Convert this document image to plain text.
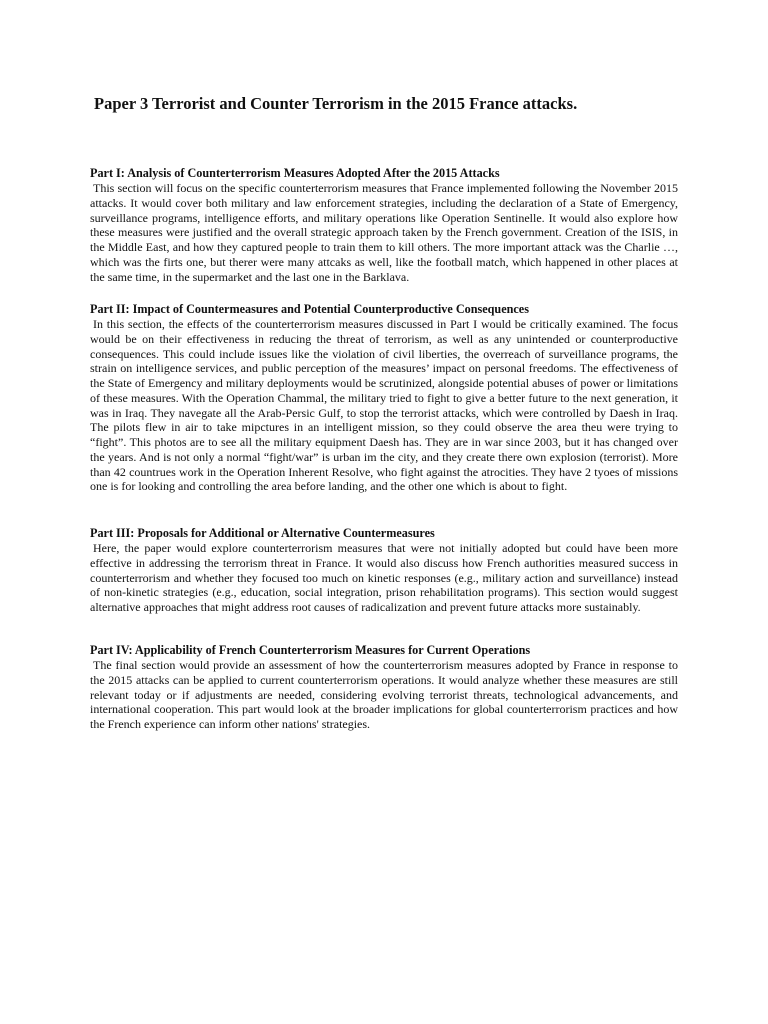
Paper 3 Terrorist and Counter Terrorism in the 2015 France attacks.
Part I: Analysis of Counterterrorism Measures Adopted After the 2015 Attacks

This section will focus on the specific counterterrorism measures that France implemented following the November 2015 attacks. It would cover both military and law enforcement strategies, including the declaration of a State of Emergency, surveillance programs, intelligence efforts, and military operations like Operation Sentinelle. It would also explore how these measures were justified and the overall strategic approach taken by the French government. Creation of the ISIS, in the Middle East, and how they captured people to train them to kill others. The more important attack was the Charlie …, which was the firts one, but therer were many attcaks as well, like the football match, which happened in other places at the same time, in the supermarket and the last one in the Barklava.

Part II: Impact of Countermeasures and Potential Counterproductive Consequences

In this section, the effects of the counterterrorism measures discussed in Part I would be critically examined. The focus would be on their effectiveness in reducing the threat of terrorism, as well as any unintended or counterproductive consequences. This could include issues like the violation of civil liberties, the overreach of surveillance programs, the strain on intelligence services, and public perception of the measures’ impact on personal freedoms. The effectiveness of the State of Emergency and military deployments would be scrutinized, alongside potential abuses of power or limitations of these measures. With the Operation Chammal, the military tried to fight to give a better future to the next generation, it was in Iraq. They navegate all the Arab-Persic Gulf, to stop the terrorist attacks, which were controlled by Daesh in Iraq. The pilots flew in air to take mipctures in an intelligent mission, so they could observe the area theu were trying to “fight”. This photos are to see all the military equipment Daesh has. They are in war since 2003, but it has changed over the years. And is not only a normal “fight/war” is urban im the city, and they create there own explosion (terrorist). More than 42 countrues work in the Operation Inherent Resolve, who fight against the atrocities. They have 2 tyoes of missions one is for looking and controlling the area before landing, and the other one which is about to fight.

Part III: Proposals for Additional or Alternative Countermeasures

Here, the paper would explore counterterrorism measures that were not initially adopted but could have been more effective in addressing the terrorism threat in France. It would also discuss how French authorities measured success in counterterrorism and whether they focused too much on kinetic responses (e.g., military action and surveillance) instead of non-kinetic strategies (e.g., education, social integration, prison rehabilitation programs). This section would suggest alternative approaches that might address root causes of radicalization and prevent future attacks more sustainably.

Part IV: Applicability of French Counterterrorism Measures for Current Operations

The final section would provide an assessment of how the counterterrorism measures adopted by France in response to the 2015 attacks can be applied to current counterterrorism operations. It would analyze whether these measures are still relevant today or if adjustments are needed, considering evolving terrorist threats, technological advancements, and international cooperation. This part would look at the broader implications for global counterterrorism practices and how the French experience can inform other nations' strategies.
